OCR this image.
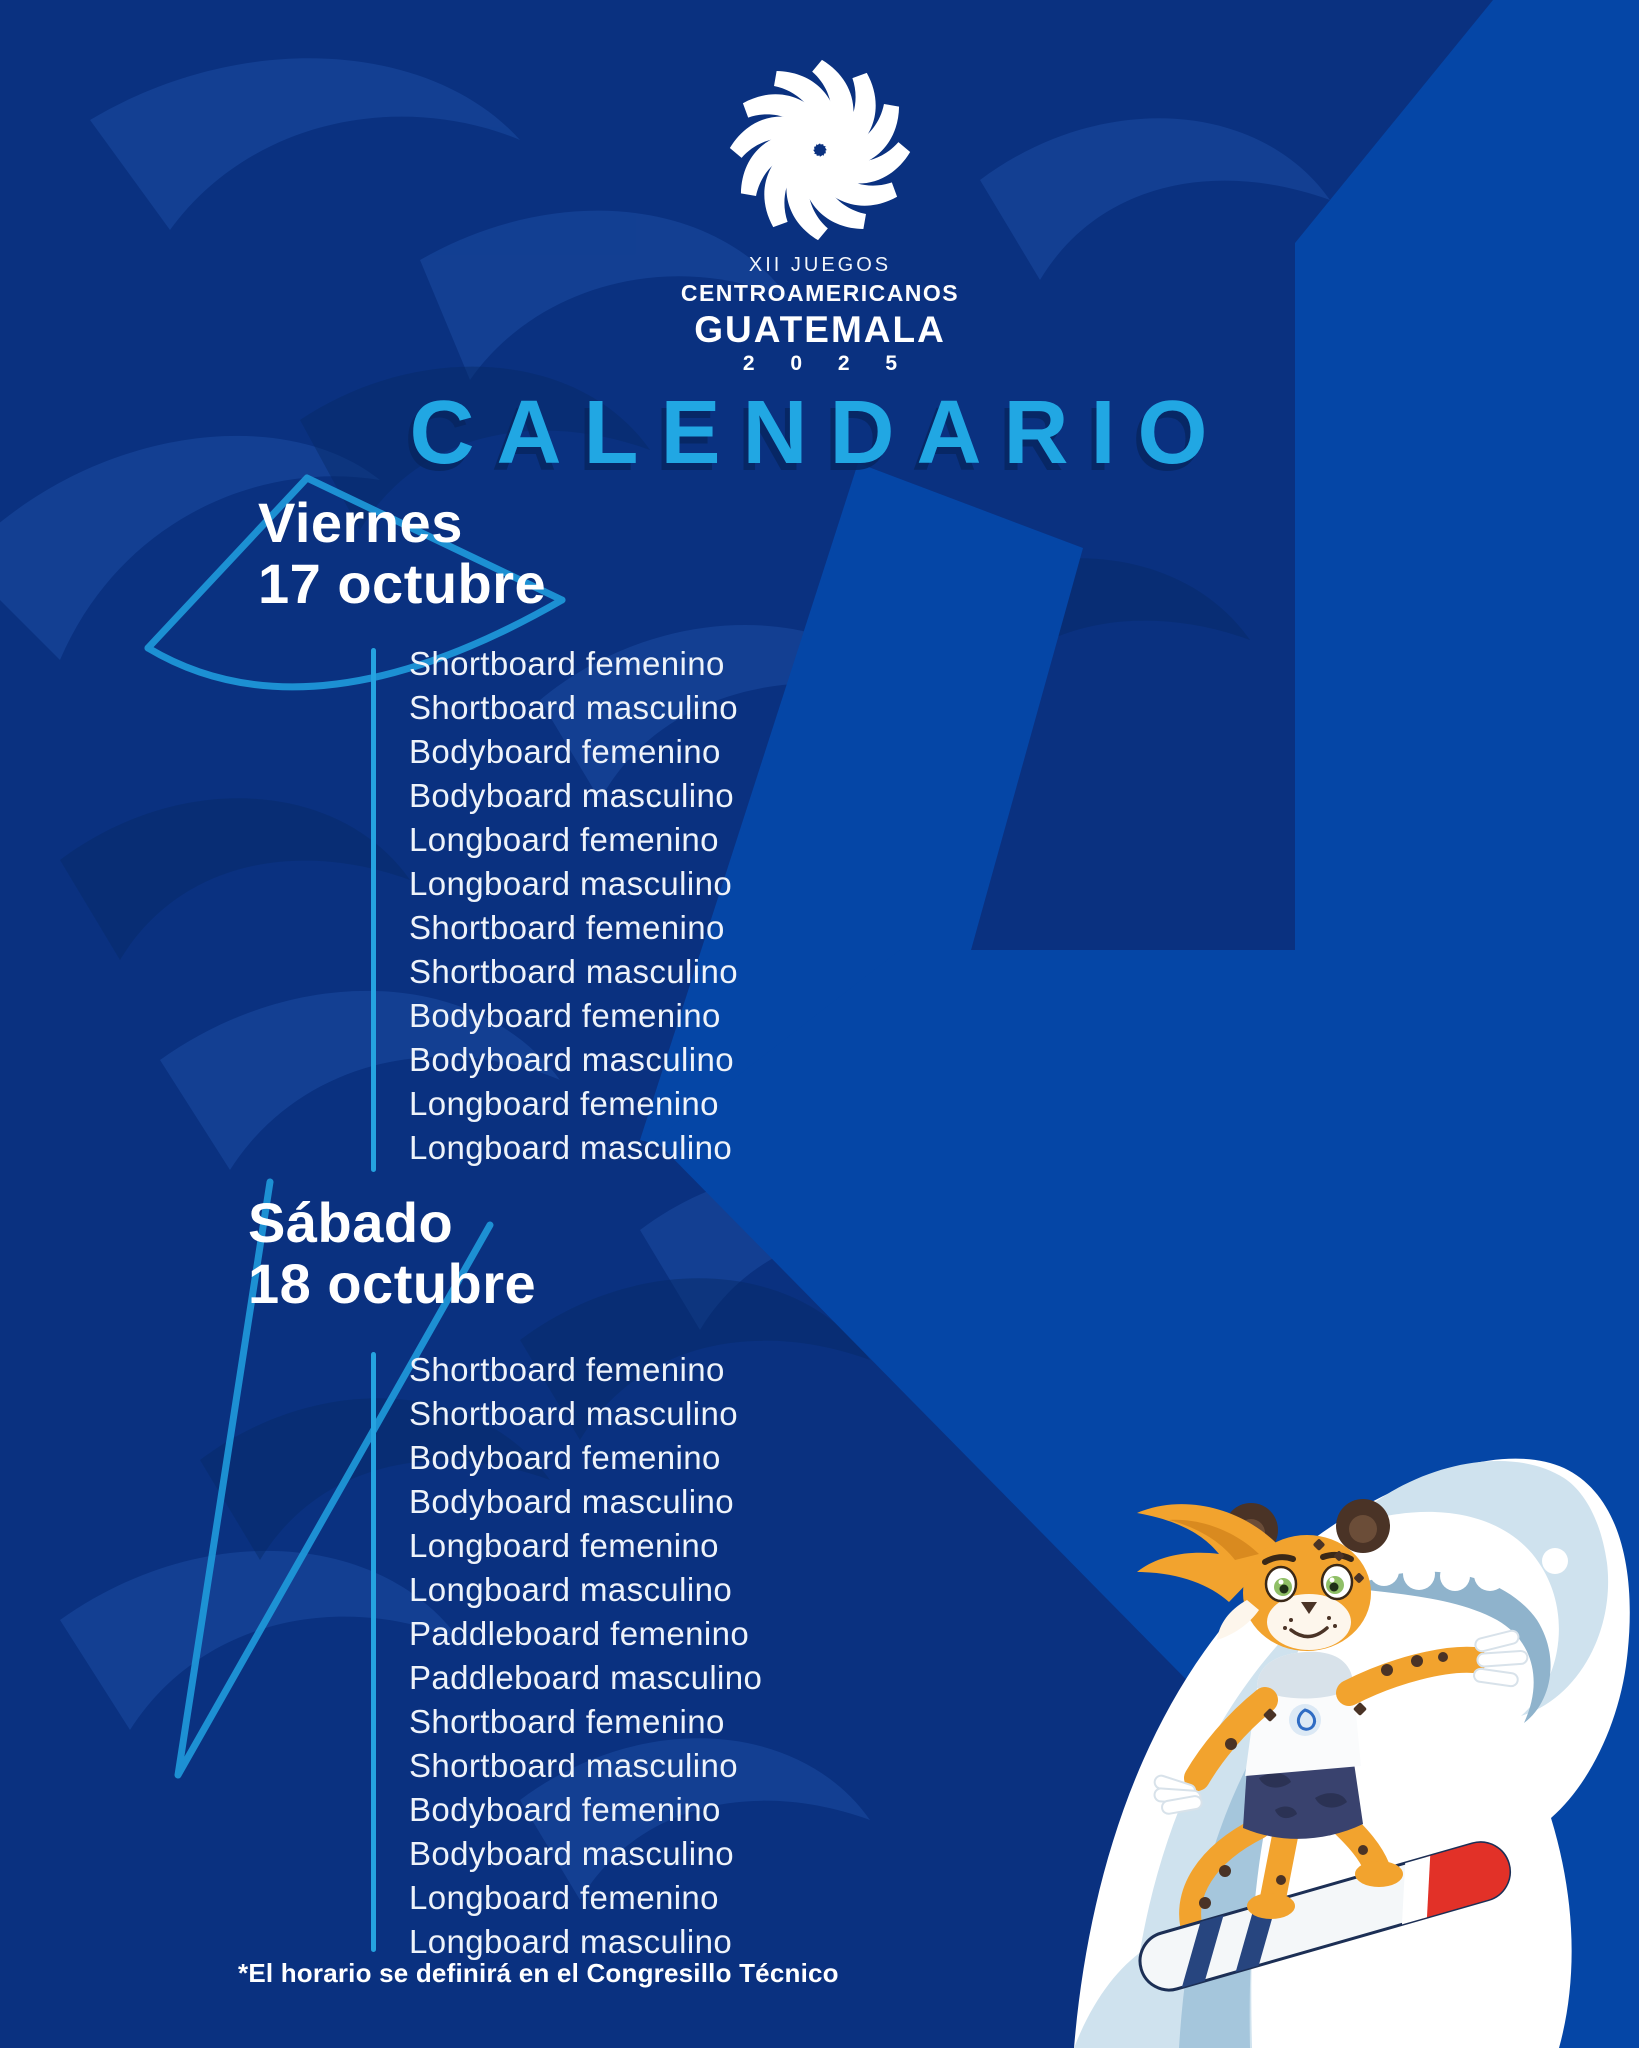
XII JUEGOS
CENTROAMERICANOS
GUATEMALA
2 0 2 5
CALENDARIO
Viernes
17 octubre
Shortboard femenino
Shortboard masculino
Bodyboard femenino
Bodyboard masculino
Longboard femenino
Longboard masculino
Shortboard femenino
Shortboard masculino
Bodyboard femenino
Bodyboard masculino
Longboard femenino
Longboard masculino
Sábado
18 octubre
Shortboard femenino
Shortboard masculino
Bodyboard femenino
Bodyboard masculino
Longboard femenino
Longboard masculino
Paddleboard femenino
Paddleboard masculino
Shortboard femenino
Shortboard masculino
Bodyboard femenino
Bodyboard masculino
Longboard femenino
Longboard masculino
*El horario se definirá en el Congresillo Técnico
